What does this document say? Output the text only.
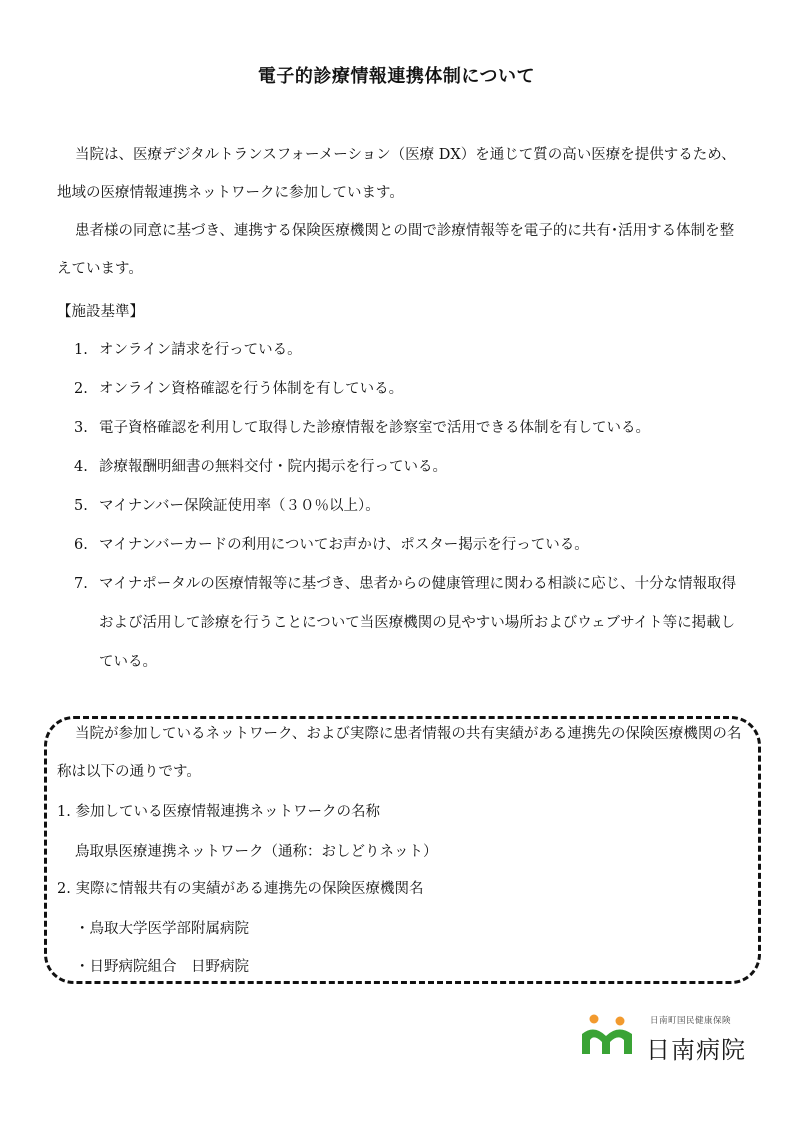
電子的診療情報連携体制について

当院は、医療デジタルトランスフォーメーション（医療 DX）を通じて質の高い医療を提供するため、地域の医療情報連携ネットワークに参加しています。

患者様の同意に基づき、連携する保険医療機関との間で診療情報等を電子的に共有･活用する体制を整えています。

【施設基準】
1. オンライン請求を行っている。
2. オンライン資格確認を行う体制を有している。
3. 電子資格確認を利用して取得した診療情報を診察室で活用できる体制を有している。
4. 診療報酬明細書の無料交付・院内掲示を行っている。
5. マイナンバー保険証使用率（３０％以上）。
6. マイナンバーカードの利用についてお声かけ、ポスター掲示を行っている。
7. マイナポータルの医療情報等に基づき、患者からの健康管理に関わる相談に応じ、十分な情報取得および活用して診療を行うことについて当医療機関の見やすい場所およびウェブサイト等に掲載している。

当院が参加しているネットワーク、および実際に患者情報の共有実績がある連携先の保険医療機関の名称は以下の通りです。

1. 参加している医療情報連携ネットワークの名称

鳥取県医療連携ネットワーク（通称：おしどりネット）

2. 実際に情報共有の実績がある連携先の保険医療機関名

・鳥取大学医学部附属病院

・日野病院組合　日野病院

日南町国民健康保険
日南病院
